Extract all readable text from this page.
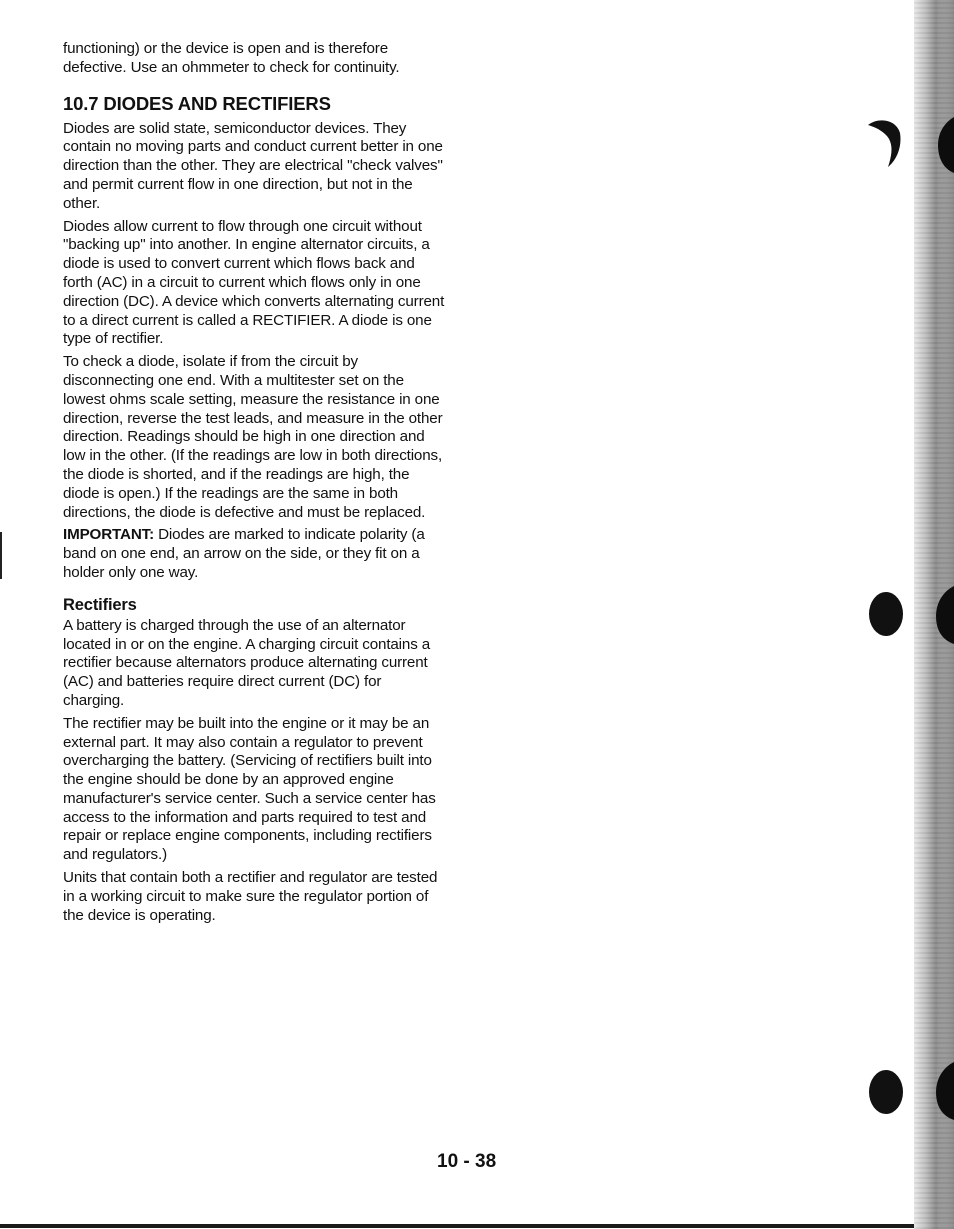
functioning) or the device is open and is therefore defective. Use an ohmmeter to check for continuity.

10.7 DIODES AND RECTIFIERS

Diodes are solid state, semiconductor devices. They contain no moving parts and conduct current better in one direction than the other. They are electrical "check valves" and permit current flow in one direction, but not in the other.

Diodes allow current to flow through one circuit without "backing up" into another. In engine alternator circuits, a diode is used to convert current which flows back and forth (AC) in a circuit to current which flows only in one direction (DC). A device which converts alternating current to a direct current is called a RECTIFIER. A diode is one type of rectifier.

To check a diode, isolate if from the circuit by disconnecting one end. With a multitester set on the lowest ohms scale setting, measure the resistance in one direction, reverse the test leads, and measure in the other direction. Readings should be high in one direction and low in the other. (If the readings are low in both directions, the diode is shorted, and if the readings are high, the diode is open.) If the readings are the same in both directions, the diode is defective and must be replaced.

IMPORTANT: Diodes are marked to indicate polarity (a band on one end, an arrow on the side, or they fit on a holder only one way.

Rectifiers

A battery is charged through the use of an alternator located in or on the engine. A charging circuit contains a rectifier because alternators produce alternating current (AC) and batteries require direct current (DC) for charging.

The rectifier may be built into the engine or it may be an external part. It may also contain a regulator to prevent overcharging the battery. (Servicing of rectifiers built into the engine should be done by an approved engine manufacturer's service center. Such a service center has access to the information and parts required to test and repair or replace engine components, including rectifiers and regulators.)

Units that contain both a rectifier and regulator are tested in a working circuit to make sure the regulator portion of the device is operating.

10 - 38
